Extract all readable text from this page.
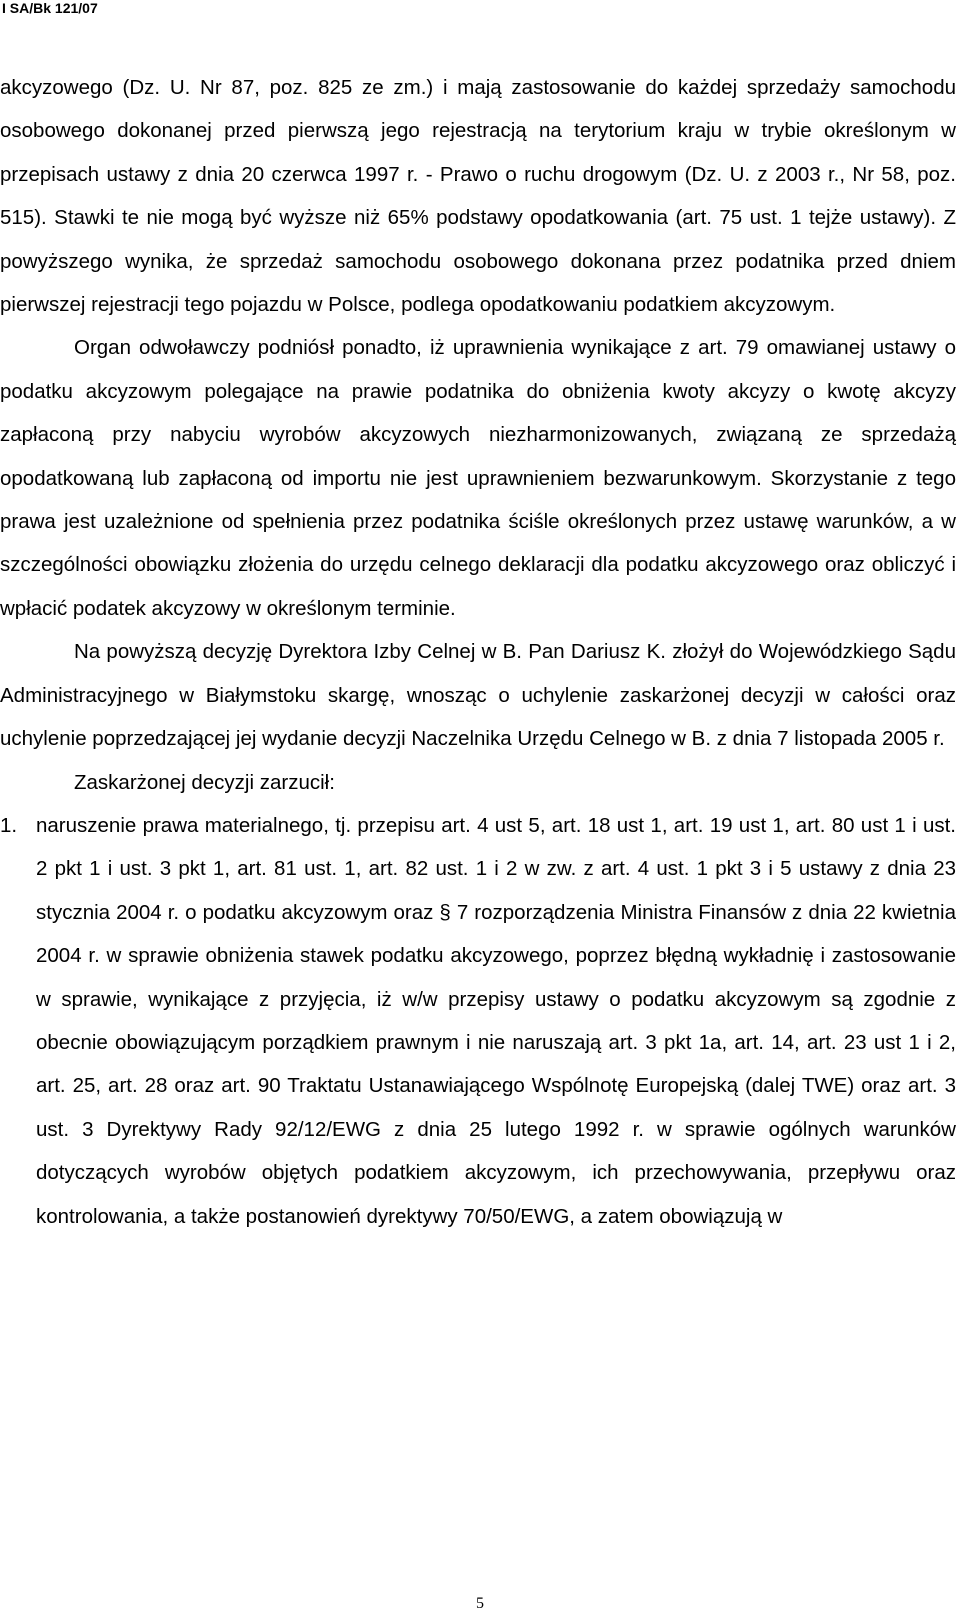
I SA/Bk 121/07

akcyzowego (Dz. U. Nr 87, poz. 825 ze zm.) i mają zastosowanie do każdej sprzedaży samochodu osobowego dokonanej przed pierwszą jego rejestracją na terytorium kraju w trybie określonym w przepisach ustawy z dnia 20 czerwca 1997 r. - Prawo o ruchu drogowym (Dz. U. z 2003 r., Nr 58, poz. 515). Stawki te nie mogą być wyższe niż 65% podstawy opodatkowania (art. 75 ust. 1 tejże ustawy). Z powyższego wynika, że sprzedaż samochodu osobowego dokonana przez podatnika przed dniem pierwszej rejestracji tego pojazdu w Polsce, podlega opodatkowaniu podatkiem akcyzowym.

Organ odwoławczy podniósł ponadto, iż uprawnienia wynikające z art. 79 omawianej ustawy o podatku akcyzowym polegające na prawie podatnika do obniżenia kwoty akcyzy o kwotę akcyzy zapłaconą przy nabyciu wyrobów akcyzowych niezharmonizowanych, związaną ze sprzedażą opodatkowaną lub zapłaconą od importu nie jest uprawnieniem bezwarunkowym. Skorzystanie z tego prawa jest uzależnione od spełnienia przez podatnika ściśle określonych przez ustawę warunków, a w szczególności obowiązku złożenia do urzędu celnego deklaracji dla podatku akcyzowego oraz obliczyć i wpłacić podatek akcyzowy w określonym terminie.

Na powyższą decyzję Dyrektora Izby Celnej w B. Pan Dariusz K. złożył do Wojewódzkiego Sądu Administracyjnego w Białymstoku skargę, wnosząc o uchylenie zaskarżonej decyzji w całości oraz uchylenie poprzedzającej jej wydanie decyzji Naczelnika Urzędu Celnego w B. z dnia 7 listopada 2005 r.

Zaskarżonej decyzji zarzucił:

1. naruszenie prawa materialnego, tj. przepisu art. 4 ust 5, art. 18 ust 1, art. 19 ust 1, art. 80 ust 1 i ust. 2 pkt 1 i ust. 3 pkt 1, art. 81 ust. 1, art. 82 ust. 1 i 2 w zw. z art. 4 ust. 1 pkt 3 i 5 ustawy z dnia 23 stycznia 2004 r. o podatku akcyzowym oraz § 7 rozporządzenia Ministra Finansów z dnia 22 kwietnia 2004 r. w sprawie obniżenia stawek podatku akcyzowego, poprzez błędną wykładnię i zastosowanie w sprawie, wynikające z przyjęcia, iż w/w przepisy ustawy o podatku akcyzowym są zgodnie z obecnie obowiązującym porządkiem prawnym i nie naruszają art. 3 pkt 1a, art. 14, art. 23 ust 1 i 2, art. 25, art. 28 oraz art. 90 Traktatu Ustanawiającego Wspólnotę Europejską (dalej TWE) oraz art. 3 ust. 3 Dyrektywy Rady 92/12/EWG z dnia 25 lutego 1992 r. w sprawie ogólnych warunków dotyczących wyrobów objętych podatkiem akcyzowym, ich przechowywania, przepływu oraz kontrolowania, a także postanowień dyrektywy 70/50/EWG, a zatem obowiązują w
5
